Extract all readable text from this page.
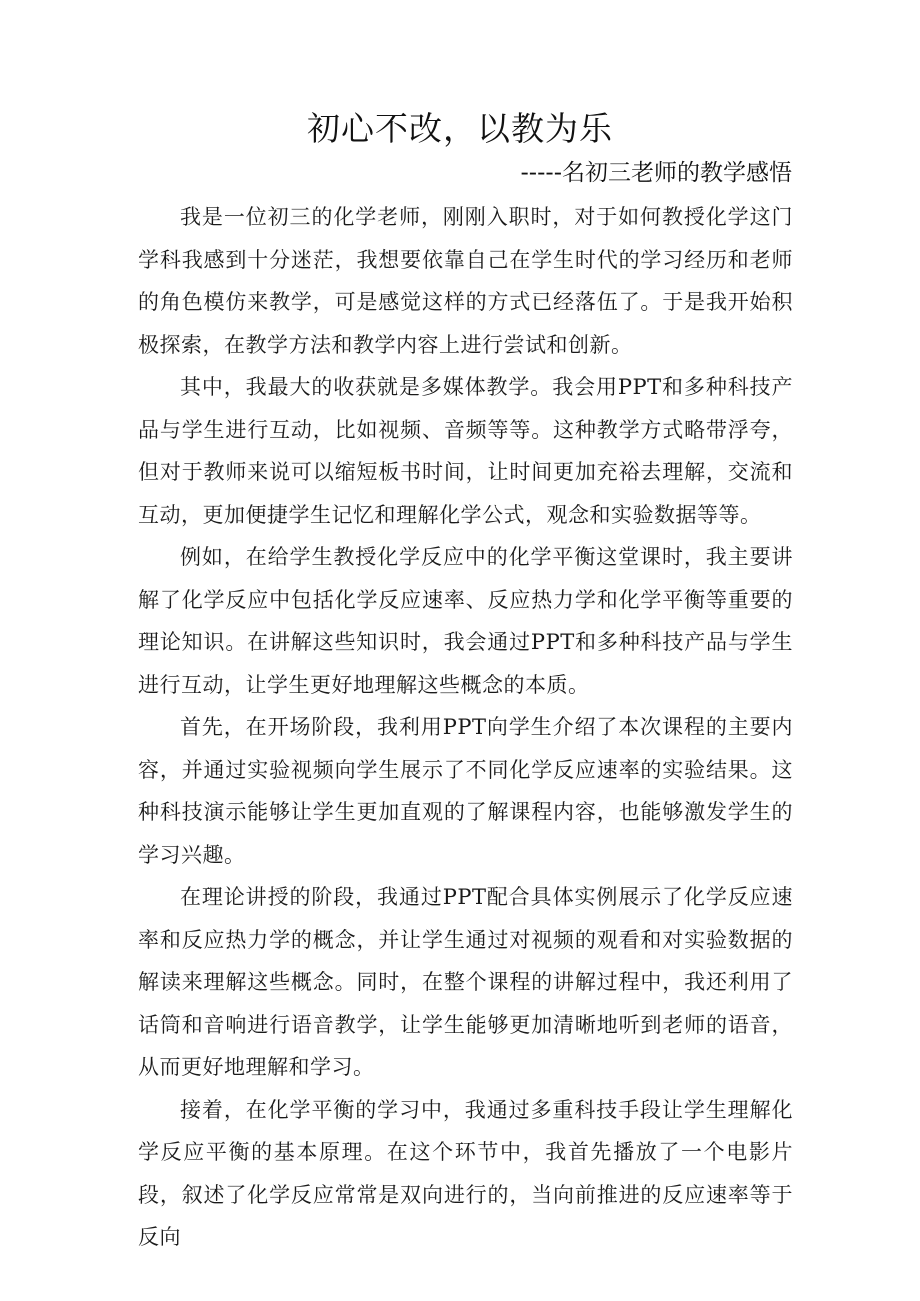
初心不改，以教为乐
-----名初三老师的教学感悟

我是一位初三的化学老师，刚刚入职时，对于如何教授化学这门学科我感到十分迷茫，我想要依靠自己在学生时代的学习经历和老师的角色模仿来教学，可是感觉这样的方式已经落伍了。于是我开始积极探索，在教学方法和教学内容上进行尝试和创新。

其中，我最大的收获就是多媒体教学。我会用PPT和多种科技产品与学生进行互动，比如视频、音频等等。这种教学方式略带浮夸，但对于教师来说可以缩短板书时间，让时间更加充裕去理解，交流和互动，更加便捷学生记忆和理解化学公式，观念和实验数据等等。

例如，在给学生教授化学反应中的化学平衡这堂课时，我主要讲解了化学反应中包括化学反应速率、反应热力学和化学平衡等重要的理论知识。在讲解这些知识时，我会通过PPT和多种科技产品与学生进行互动，让学生更好地理解这些概念的本质。

首先，在开场阶段，我利用PPT向学生介绍了本次课程的主要内容，并通过实验视频向学生展示了不同化学反应速率的实验结果。这种科技演示能够让学生更加直观的了解课程内容，也能够激发学生的学习兴趣。

在理论讲授的阶段，我通过PPT配合具体实例展示了化学反应速率和反应热力学的概念，并让学生通过对视频的观看和对实验数据的解读来理解这些概念。同时，在整个课程的讲解过程中，我还利用了话筒和音响进行语音教学，让学生能够更加清晰地听到老师的语音，从而更好地理解和学习。

接着，在化学平衡的学习中，我通过多重科技手段让学生理解化学反应平衡的基本原理。在这个环节中，我首先播放了一个电影片段，叙述了化学反应常常是双向进行的，当向前推进的反应速率等于反向
